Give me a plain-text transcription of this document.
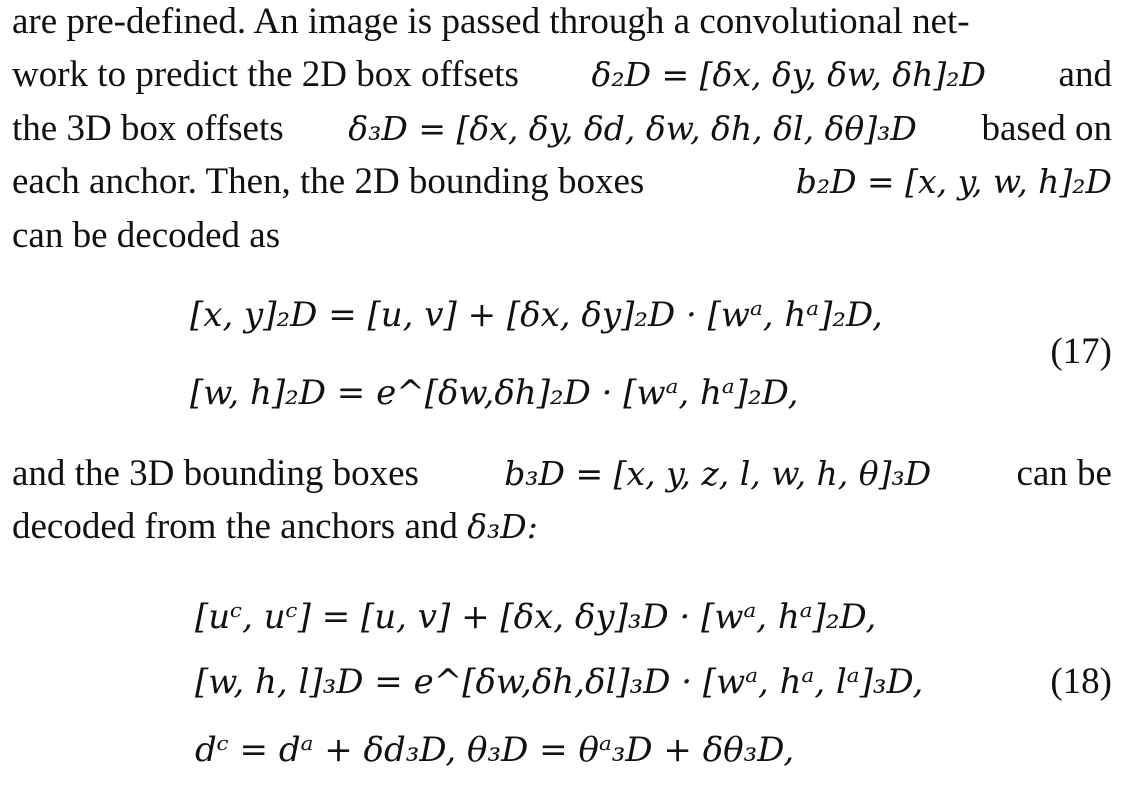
are pre-defined. An image is passed through a convolutional net-
work to predict the 2D box offsets δ₂D = [δx, δy, δw, δh]₂D and
the 3D box offsets δ₃D = [δx, δy, δd, δw, δh, δl, δθ]₃D based on
each anchor. Then, the 2D bounding boxes	b₂D = [x, y, w, h]₂D
can be decoded as
[x, y]₂D = [u, v] + [δx, δy]₂D · [wᵃ, hᵃ]₂D,
[w, h]₂D = e^[δw,δh]₂D · [wᵃ, hᵃ]₂D,
(17)
and the 3D bounding boxes	b₃D = [x, y, z, l, w, h, θ]₃D can be
decoded from the anchors and δ₃D:
[uᶜ, uᶜ] = [u, v] + [δx, δy]₃D · [wᵃ, hᵃ]₂D,
[w, h, l]₃D = e^[δw,δh,δl]₃D · [wᵃ, hᵃ, lᵃ]₃D,
dᶜ = dᵃ + δd₃D, θ₃D = θᵃ₃D + δθ₃D,
(18)
